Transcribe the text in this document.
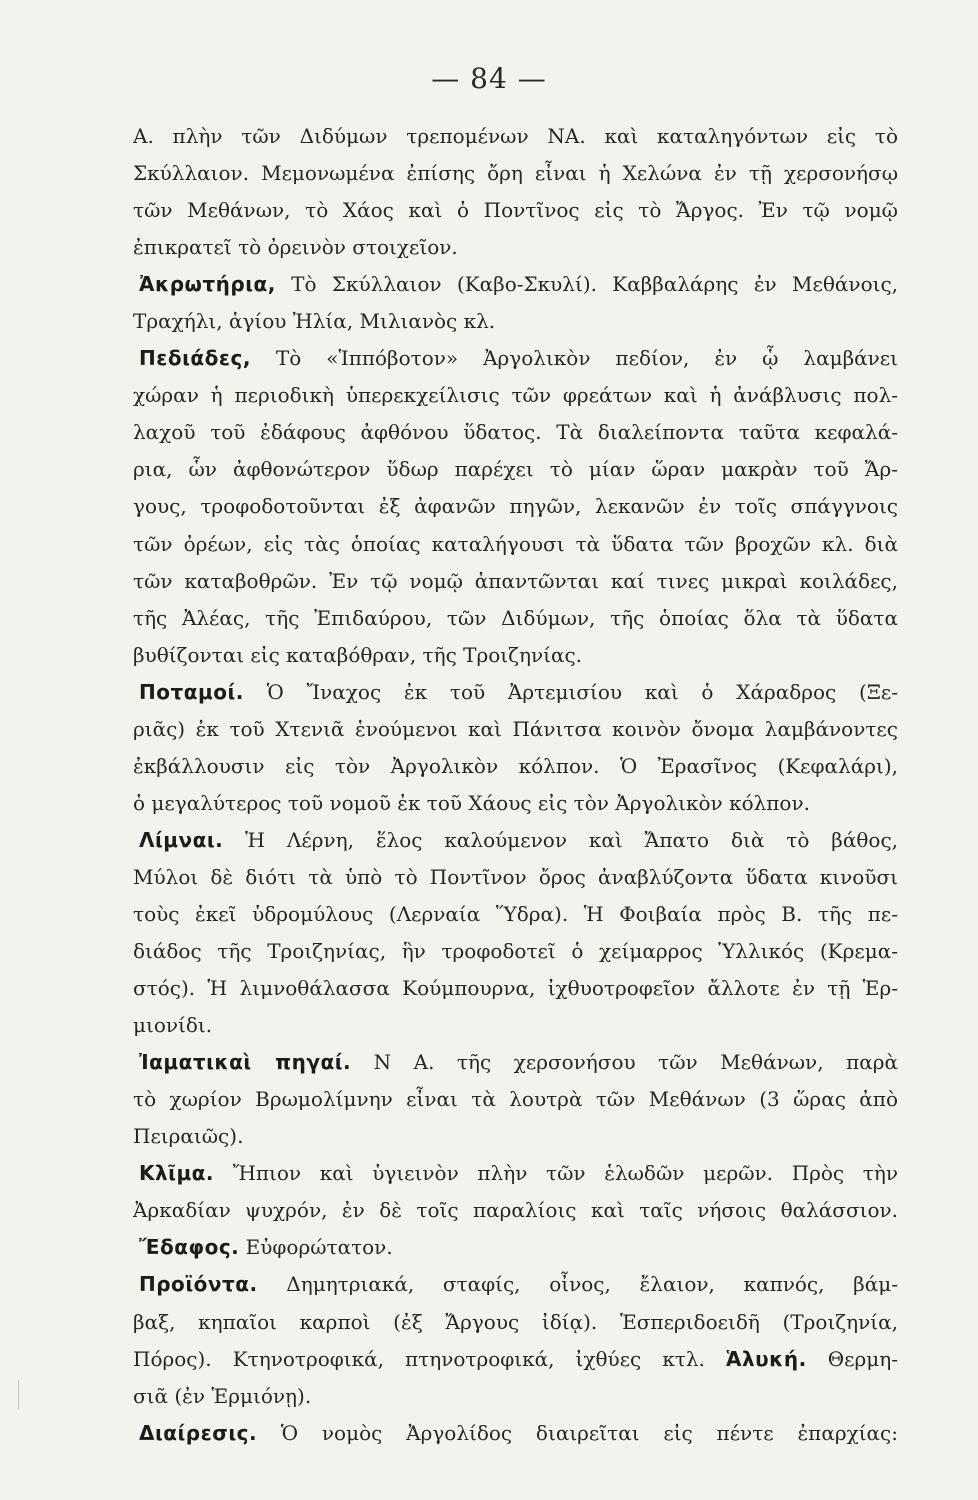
— 84 —
Α. πλὴν τῶν Διδύμων τρεπομένων ΝΑ. καὶ καταληγόντων εἰς τὸ
Σκύλλαιον. Μεμονωμένα ἐπίσης ὄρη εἶναι ἡ Χελώνα ἐν τῇ χερσονήσῳ
τῶν Μεθάνων, τὸ Χάος καὶ ὁ Ποντῖνος εἰς τὸ Ἄργος. Ἐν τῷ νομῷ
ἐπικρατεῖ τὸ ὀρεινὸν στοιχεῖον.
Ἀκρωτήρια, Τὸ Σκύλλαιον (Καβο-Σκυλί). Καββαλάρης ἐν Μεθάνοις,
Τραχήλι, ἁγίου Ἠλία, Μιλιανὸς κλ.
Πεδιάδες, Τὸ «Ἱππόβοτον» Ἀργολικὸν πεδίον, ἐν ᾧ λαμβάνει
χώραν ἡ περιοδικὴ ὑπερεκχείλισις τῶν φρεάτων καὶ ἡ ἀνάβλυσις πολ-
λαχοῦ τοῦ ἐδάφους ἀφθόνου ὕδατος. Τὰ διαλείποντα ταῦτα κεφαλά-
ρια, ὧν ἀφθονώτερον ὕδωρ παρέχει τὸ μίαν ὥραν μακρὰν τοῦ Ἄρ-
γους, τροφοδοτοῦνται ἐξ ἀφανῶν πηγῶν, λεκανῶν ἐν τοῖς σπάγγνοις
τῶν ὀρέων, εἰς τὰς ὁποίας καταλήγουσι τὰ ὕδατα τῶν βροχῶν κλ. διὰ
τῶν καταβοθρῶν. Ἐν τῷ νομῷ ἀπαντῶνται καί τινες μικραὶ κοιλάδες,
τῆς Ἀλέας, τῆς Ἐπιδαύρου, τῶν Διδύμων, τῆς ὁποίας ὅλα τὰ ὕδατα
βυθίζονται εἰς καταβόθραν, τῆς Τροιζηνίας.
Ποταμοί. Ὁ Ἴναχος ἐκ τοῦ Ἀρτεμισίου καὶ ὁ Χάραδρος (Ξε-
ριᾶς) ἐκ τοῦ Χτενιᾶ ἑνούμενοι καὶ Πάνιτσα κοινὸν ὄνομα λαμβάνοντες
ἐκβάλλουσιν εἰς τὸν Ἀργολικὸν κόλπον. Ὁ Ἐρασῖνος (Κεφαλάρι),
ὁ μεγαλύτερος τοῦ νομοῦ ἐκ τοῦ Χάους εἰς τὸν Ἀργολικὸν κόλπον.
Λίμναι. Ἡ Λέρνη, ἕλος καλούμενον καὶ Ἄπατο διὰ τὸ βάθος,
Μύλοι δὲ διότι τὰ ὑπὸ τὸ Ποντῖνον ὄρος ἀναβλύζοντα ὕδατα κινοῦσι
τοὺς ἐκεῖ ὑδρομύλους (Λερναία Ὕδρα). Ἡ Φοιβαία πρὸς Β. τῆς πε-
διάδος τῆς Τροιζηνίας, ἣν τροφοδοτεῖ ὁ χείμαρρος Ὑλλικός (Κρεμα-
στός). Ἡ λιμνοθάλασσα Κούμπουρνα, ἰχθυοτροφεῖον ἄλλοτε ἐν τῇ Ἑρ-
μιονίδι.
Ἰαματικαὶ πηγαί. Ν Α. τῆς χερσονήσου τῶν Μεθάνων, παρὰ
τὸ χωρίον Βρωμολίμνην εἶναι τὰ λουτρὰ τῶν Μεθάνων (3 ὥρας ἀπὸ
Πειραιῶς).
Κλῖμα. Ἤπιον καὶ ὑγιεινὸν πλὴν τῶν ἑλωδῶν μερῶν. Πρὸς τὴν
Ἀρκαδίαν ψυχρόν, ἐν δὲ τοῖς παραλίοις καὶ ταῖς νήσοις θαλάσσιον.
Ἔδαφος. Εὐφορώτατον.
Προϊόντα. Δημητριακά, σταφίς, οἶνος, ἔλαιον, καπνός, βάμ-
βαξ, κηπαῖοι καρποὶ (ἐξ Ἄργους ἰδίᾳ). Ἑσπεριδοειδῆ (Τροιζηνία,
Πόρος). Κτηνοτροφικά, πτηνοτροφικά, ἰχθύες κτλ. Ἁλυκή. Θερμη-
σιᾶ (ἐν Ἑρμιόνῃ).
Διαίρεσις. Ὁ νομὸς Ἀργολίδος διαιρεῖται εἰς πέντε ἐπαρχίας:
